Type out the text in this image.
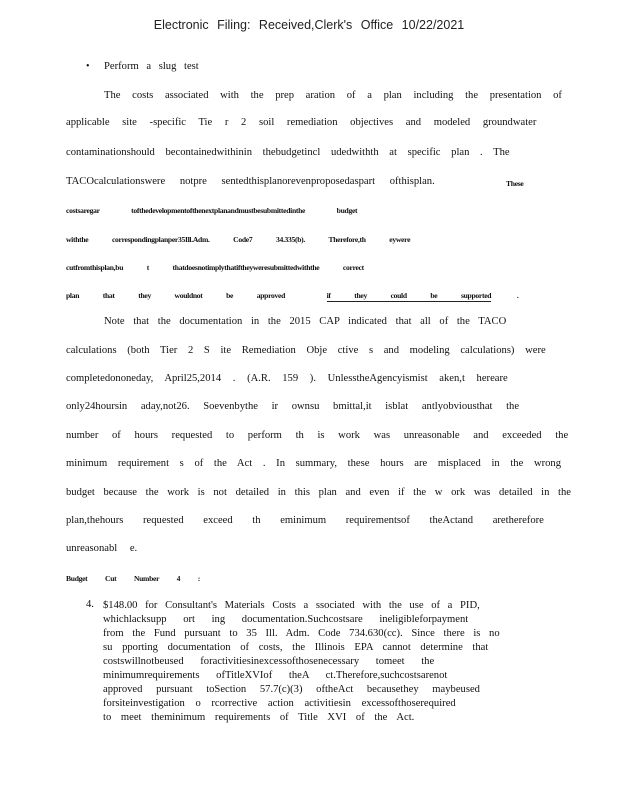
Electronic Filing: Received,Clerk's Office 10/22/2021
• Perform a slug test
The costs associated with the prep aration of a plan including the presentation of
applicable site -specific Tie r 2 soil remediation objectives and modeled groundwater
contaminationshould becontainedwithinin thebudgetincl udedwithth at specific plan . The
TACOcalculationswere notpre sentedthisplanorevenproposedaspart ofthisplan.	These
costsaregar tofthedevelopmentofthenextplanandmustbesubmittedinthe budget
withthe correspondingplanper35Ill.Adm. Code7 34.335(b). Therefore,th eywere
cutfromthisplan,bu t thatdoesnotimplythatiftheyweresubmittedwiththe correct
plan that they wouldnot be approved	if they could be supported	.
Note that the documentation in the 2015 CAP indicated that all of the TACO
calculations (both Tier 2 S ite Remediation Obje ctive s and modeling calculations) were
completedononeday, April25,2014 . (A.R. 159 ). UnlesstheAgencyismist aken,t hereare
only24hoursin aday,not26. Soevenbythe ir ownsu bmittal,it isblat antlyobviousthat the
number of hours requested to perform th is work was unreasonable and exceeded the
minimum requirement s of the Act . In summary, these hours are misplaced in the wrong
budget because the work is not detailed in this plan and even if the w ork was detailed in the
plan,thehours requested exceed th eminimum requirementsof theActand aretherefore
unreasonabl e.
Budget Cut Number 4 :
4. $148.00 for Consultant's Materials Costs a ssociated with the use of a PID,
whichlacksupp ort ing documentation.Suchcostsare ineligibleforpayment
from the Fund pursuant to 35 Ill. Adm. Code 734.630(cc). Since there is no
su pporting documentation of costs, the Illinois EPA cannot determine that
costswillnotbeused foractivitiesinexcessofthosenecessary tomeet the
minimumrequirements ofTitleXVIof theA ct.Therefore,suchcostsarenot
approved pursuant toSection 57.7(c)(3) oftheAct becausethey maybeused
forsiteinvestigation o rcorrective action activitiesin excessofthoserequired
to meet theminimum requirements of Title XVI of the Act.
